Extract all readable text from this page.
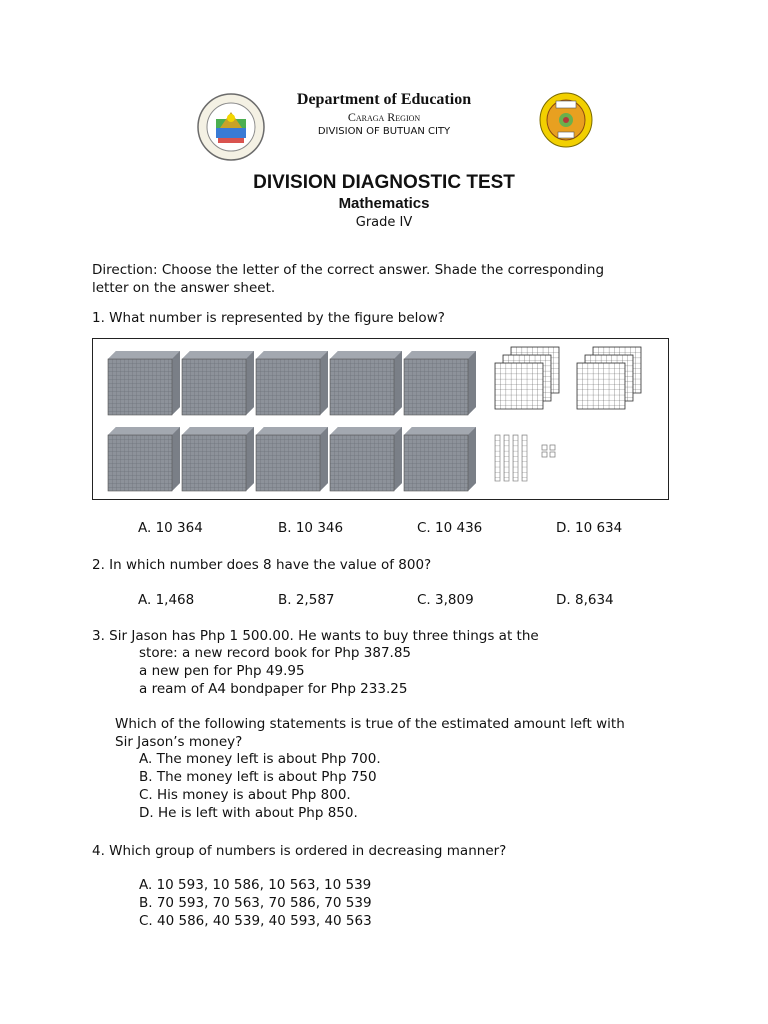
Department of Education
Caraga Region
DIVISION OF BUTUAN CITY
DIVISION DIAGNOSTIC TEST
Mathematics
Grade IV
Direction: Choose the letter of the correct answer. Shade the corresponding
letter on the answer sheet.
1. What number is represented by the figure below?
A. 10 364	B. 10 346	C. 10 436	D. 10 634
2. In which number does 8 have the value of 800?
A. 1,468	B. 2,587	C. 3,809	D. 8,634
3. Sir Jason has Php 1 500.00. He wants to buy three things at the
store: a new record book for Php 387.85
a new pen for Php 49.95
a ream of A4 bondpaper for Php 233.25
Which of the following statements is true of the estimated amount left with
Sir Jason’s money?
A. The money left is about Php 700.
B. The money left is about Php 750
C. His money is about Php 800.
D. He is left with about Php 850.
4. Which group of numbers is ordered in decreasing manner?
A. 10 593, 10 586, 10 563, 10 539
B. 70 593, 70 563, 70 586, 70 539
C. 40 586, 40 539, 40 593, 40 563
